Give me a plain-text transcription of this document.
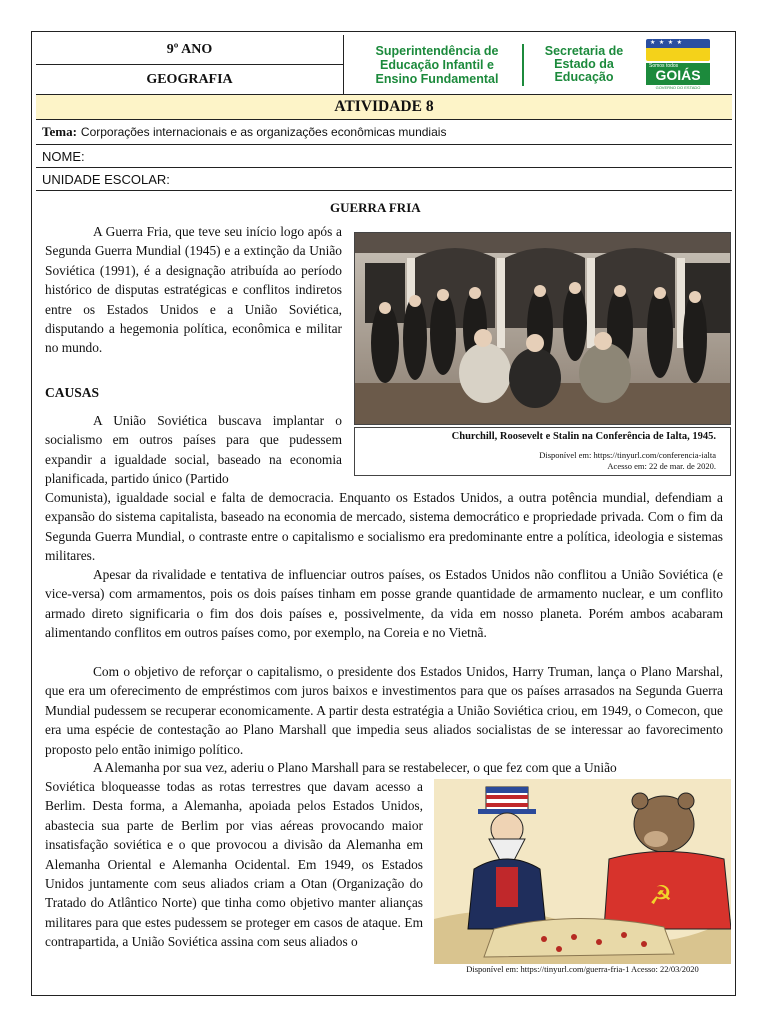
9º ANO
GEOGRAFIA
Superintendência de Educação Infantil e Ensino Fundamental
Secretaria de Estado da Educação
★ ★ ★ ★
Somos todos
GOIÁS
GOVERNO DO ESTADO
ATIVIDADE 8
Tema: Corporações internacionais e as organizações econômicas mundiais
NOME:
UNIDADE ESCOLAR:
GUERRA FRIA

A Guerra Fria, que teve seu início logo após a Segunda Guerra Mundial (1945) e a extinção da União Soviética (1991), é a designação atribuída ao período histórico de disputas estratégicas e conflitos indiretos entre os Estados Unidos e a União Soviética, disputando a hegemonia política, econômica e militar no mundo.

CAUSAS

A União Soviética buscava implantar o socialismo em outros países para que pudessem expandir a igualdade social, baseado na economia planificada, partido único (Partido

Comunista), igualdade social e falta de democracia. Enquanto os Estados Unidos, a outra potência mundial, defendiam a expansão do sistema capitalista, baseado na economia de mercado, sistema democrático e propriedade privada. Com o fim da Segunda Guerra Mundial, o contraste entre o capitalismo e socialismo era predominante entre a política, ideologia e sistemas militares.

Apesar da rivalidade e tentativa de influenciar outros países, os Estados Unidos não conflitou a União Soviética (e vice-versa) com armamentos, pois os dois países tinham em posse grande quantidade de armamento nuclear, e um conflito armado direto significaria o fim dos dois países e, possivelmente, da vida em nosso planeta. Porém ambos acabaram alimentando conflitos em outros países como, por exemplo, na Coreia e no Vietnã.

Com o objetivo de reforçar o capitalismo, o presidente dos Estados Unidos, Harry Truman, lança o Plano Marshal, que era um oferecimento de empréstimos com juros baixos e investimentos para que os países arrasados na Segunda Guerra Mundial pudessem se recuperar economicamente. A partir desta estratégia a União Soviética criou, em 1949, o Comecon, que era uma espécie de contestação ao Plano Marshall que impedia seus aliados socialistas de se interessar ao favorecimento proposto pelo então inimigo político.

A Alemanha por sua vez, aderiu o Plano Marshall para se restabelecer, o que fez com que a União

Soviética bloqueasse todas as rotas terrestres que davam acesso a Berlim. Desta forma, a Alemanha, apoiada pelos Estados Unidos, abastecia sua parte de Berlim por vias aéreas provocando maior insatisfação soviética e o que provocou a divisão da Alemanha em Alemanha Oriental e Alemanha Ocidental. Em 1949, os Estados Unidos juntamente com seus aliados criam a Otan (Organização do Tratado do Atlântico Norte) que tinha como objetivo manter alianças militares para que estes pudessem se proteger em casos de ataque. Em contrapartida, a União Soviética assina com seus aliados o
Churchill, Roosevelt e Stalin na Conferência de Ialta, 1945.
Disponível em: https://tinyurl.com/conferencia-ialta
Acesso em: 22 de mar. de 2020.
☭
Disponível em: https://tinyurl.com/guerra-fria-1 Acesso: 22/03/2020
